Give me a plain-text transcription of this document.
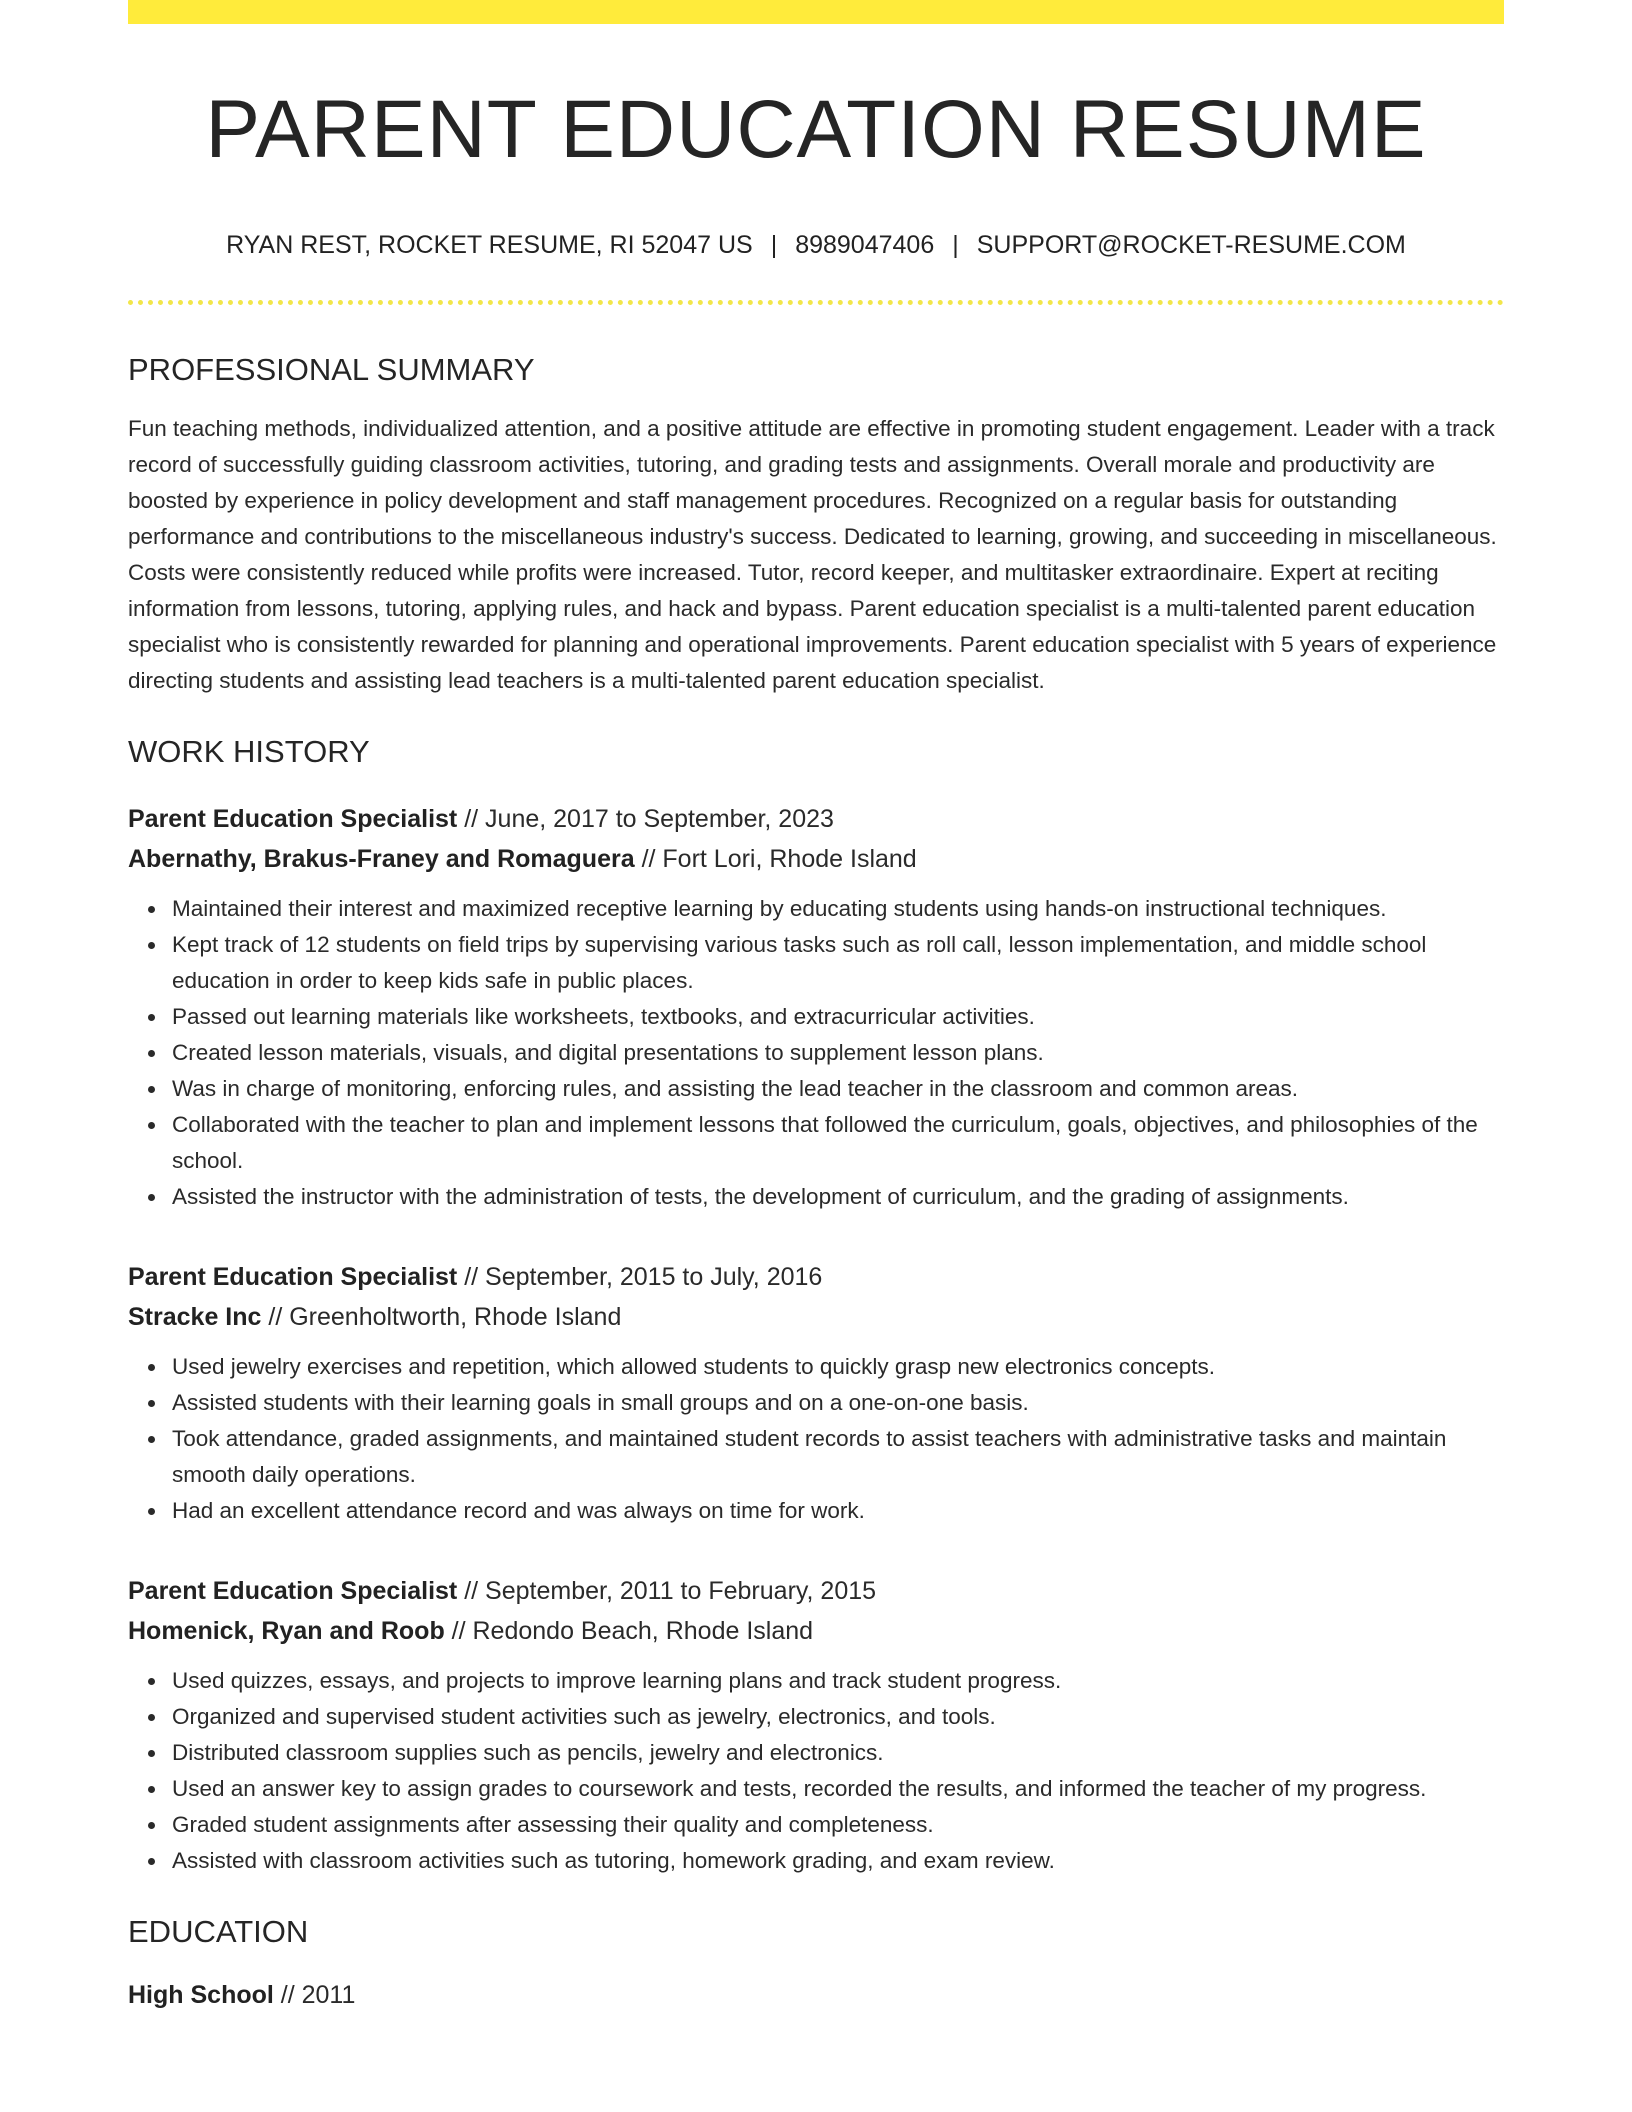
PARENT EDUCATION RESUME
RYAN REST, ROCKET RESUME, RI 52047 US | 8989047406 | SUPPORT@ROCKET-RESUME.COM
PROFESSIONAL SUMMARY

Fun teaching methods, individualized attention, and a positive attitude are effective in promoting student engagement. Leader with a track record of successfully guiding classroom activities, tutoring, and grading tests and assignments. Overall morale and productivity are boosted by experience in policy development and staff management procedures. Recognized on a regular basis for outstanding performance and contributions to the miscellaneous industry's success. Dedicated to learning, growing, and succeeding in miscellaneous. Costs were consistently reduced while profits were increased. Tutor, record keeper, and multitasker extraordinaire. Expert at reciting information from lessons, tutoring, applying rules, and hack and bypass. Parent education specialist is a multi-talented parent education specialist who is consistently rewarded for planning and operational improvements. Parent education specialist with 5 years of experience directing students and assisting lead teachers is a multi-talented parent education specialist.

WORK HISTORY
Parent Education Specialist // June, 2017 to September, 2023
Abernathy, Brakus-Franey and Romaguera // Fort Lori, Rhode Island
Maintained their interest and maximized receptive learning by educating students using hands-on instructional techniques.
Kept track of 12 students on field trips by supervising various tasks such as roll call, lesson implementation, and middle school education in order to keep kids safe in public places.
Passed out learning materials like worksheets, textbooks, and extracurricular activities.
Created lesson materials, visuals, and digital presentations to supplement lesson plans.
Was in charge of monitoring, enforcing rules, and assisting the lead teacher in the classroom and common areas.
Collaborated with the teacher to plan and implement lessons that followed the curriculum, goals, objectives, and philosophies of the school.
Assisted the instructor with the administration of tests, the development of curriculum, and the grading of assignments.
Parent Education Specialist // September, 2015 to July, 2016
Stracke Inc // Greenholtworth, Rhode Island
Used jewelry exercises and repetition, which allowed students to quickly grasp new electronics concepts.
Assisted students with their learning goals in small groups and on a one-on-one basis.
Took attendance, graded assignments, and maintained student records to assist teachers with administrative tasks and maintain smooth daily operations.
Had an excellent attendance record and was always on time for work.
Parent Education Specialist // September, 2011 to February, 2015
Homenick, Ryan and Roob // Redondo Beach, Rhode Island
Used quizzes, essays, and projects to improve learning plans and track student progress.
Organized and supervised student activities such as jewelry, electronics, and tools.
Distributed classroom supplies such as pencils, jewelry and electronics.
Used an answer key to assign grades to coursework and tests, recorded the results, and informed the teacher of my progress.
Graded student assignments after assessing their quality and completeness.
Assisted with classroom activities such as tutoring, homework grading, and exam review.
EDUCATION
High School // 2011
